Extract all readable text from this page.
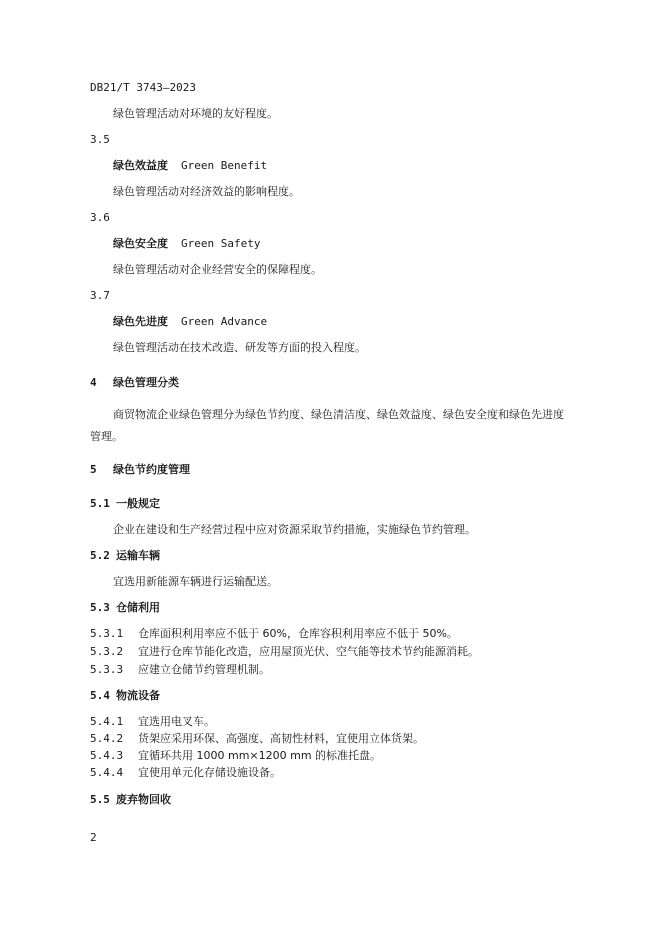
DB21/T 3743—2023
绿色管理活动对环境的友好程度。
3.5
绿色效益度 Green Benefit
绿色管理活动对经济效益的影响程度。
3.6
绿色安全度 Green Safety
绿色管理活动对企业经营安全的保障程度。
3.7
绿色先进度 Green Advance
绿色管理活动在技术改造、研发等方面的投入程度。
4 绿色管理分类
商贸物流企业绿色管理分为绿色节约度、绿色清洁度、绿色效益度、绿色安全度和绿色先进度管理。
5 绿色节约度管理
5.1 一般规定
企业在建设和生产经营过程中应对资源采取节约措施，实施绿色节约管理。
5.2 运输车辆
宜选用新能源车辆进行运输配送。
5.3 仓储利用
5.3.1 仓库面积利用率应不低于 60%，仓库容积利用率应不低于 50%。
5.3.2 宜进行仓库节能化改造，应用屋顶光伏、空气能等技术节约能源消耗。
5.3.3 应建立仓储节约管理机制。
5.4 物流设备
5.4.1 宜选用电叉车。
5.4.2 货架应采用环保、高强度、高韧性材料，宜使用立体货架。
5.4.3 宜循环共用 1000 mm×1200 mm 的标准托盘。
5.4.4 宜使用单元化存储设施设备。
5.5 废弃物回收
2
